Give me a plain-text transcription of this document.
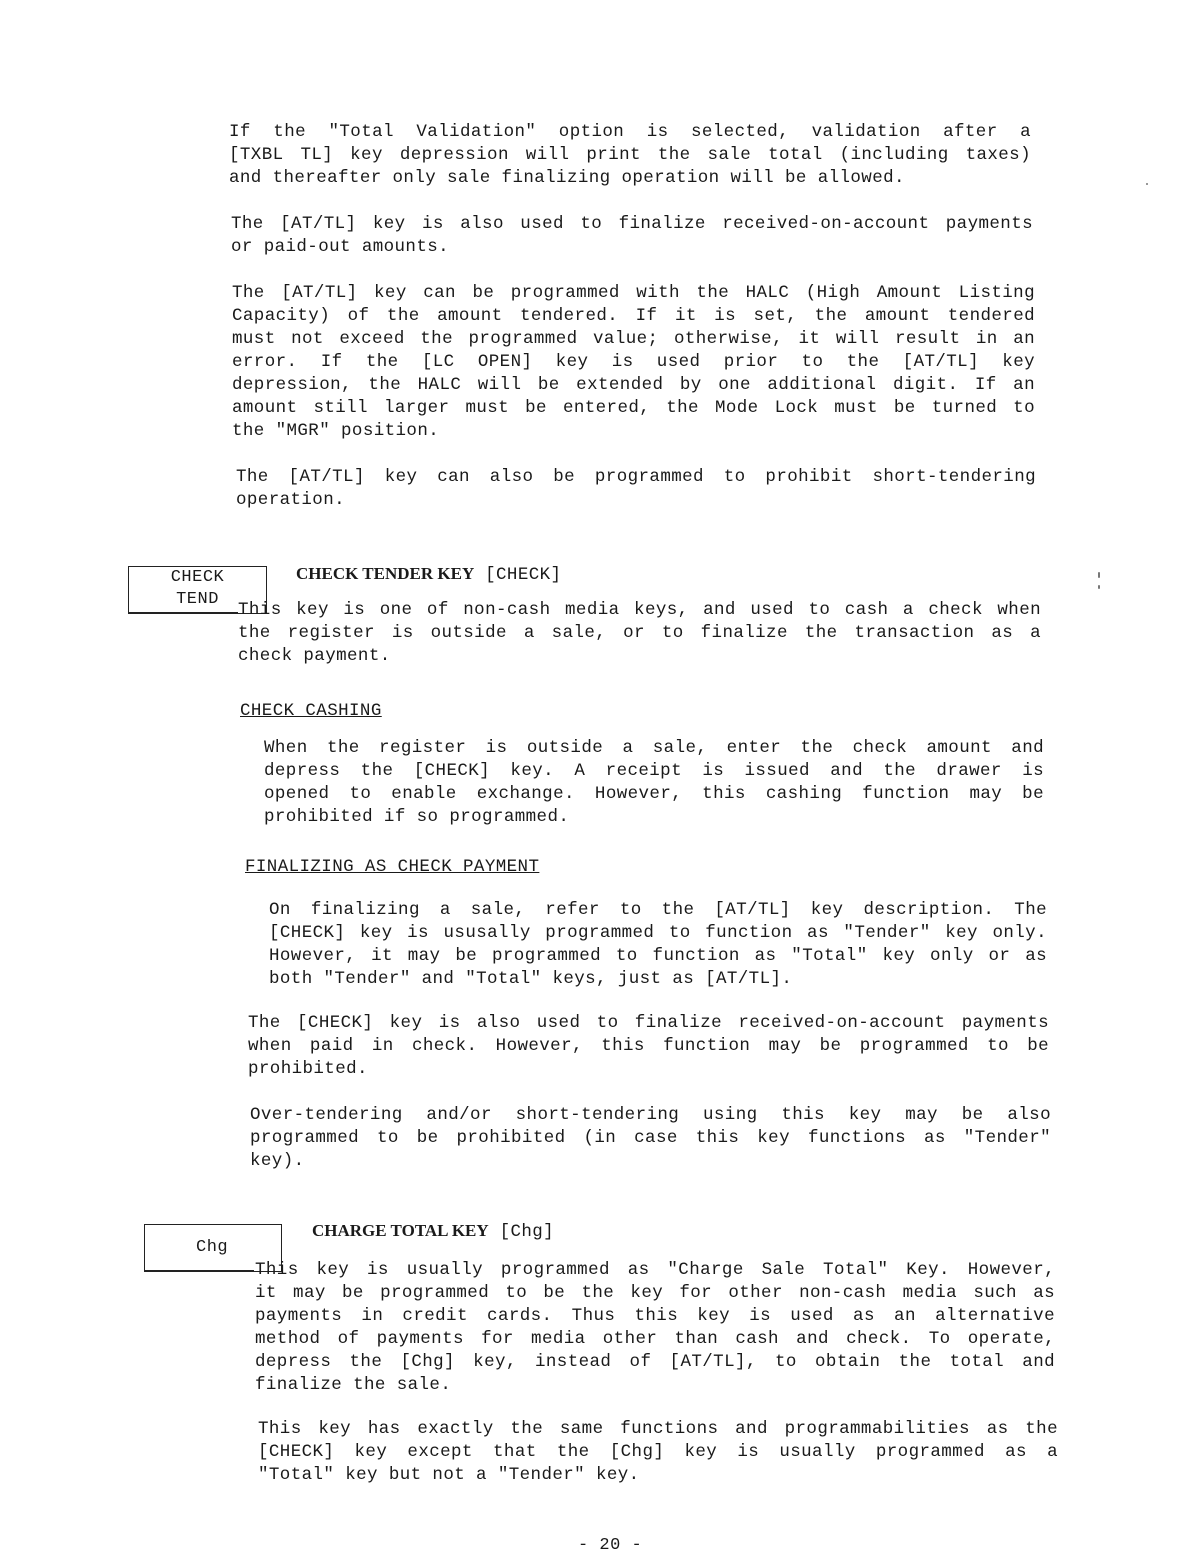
If the "Total Validation" option is selected, validation after a
[TXBL TL] key depression will print the sale total (including taxes)
and thereafter only sale finalizing operation will be allowed.
The [AT/TL] key is also used to finalize received-on-account payments
or paid-out amounts.
The [AT/TL] key can be programmed with the HALC (High Amount Listing
Capacity) of the amount tendered. If it is set, the amount tendered
must not exceed the programmed value; otherwise, it will result in an
error. If the [LC OPEN] key is used prior to the [AT/TL] key
depression, the HALC will be extended by one additional digit. If an
amount still larger must be entered, the Mode Lock must be turned to
the "MGR" position.
The [AT/TL] key can also be programmed to prohibit short-tendering
operation.
CHECK
TEND
CHECK TENDER KEY [CHECK]
This key is one of non-cash media keys, and used to cash a check when
the register is outside a sale, or to finalize the transaction as a
check payment.
CHECK CASHING
When the register is outside a sale, enter the check amount and
depress the [CHECK] key. A receipt is issued and the drawer is
opened to enable exchange. However, this cashing function may be
prohibited if so programmed.
FINALIZING AS CHECK PAYMENT
On finalizing a sale, refer to the [AT/TL] key description. The
[CHECK] key is ususally programmed to function as "Tender" key only.
However, it may be programmed to function as "Total" key only or as
both "Tender" and "Total" keys, just as [AT/TL].
The [CHECK] key is also used to finalize received-on-account payments
when paid in check. However, this function may be programmed to be
prohibited.
Over-tendering and/or short-tendering using this key may be also
programmed to be prohibited (in case this key functions as "Tender"
key).
Chg
CHARGE TOTAL KEY [Chg]
This key is usually programmed as "Charge Sale Total" Key. However,
it may be programmed to be the key for other non-cash media such as
payments in credit cards. Thus this key is used as an alternative
method of payments for media other than cash and check. To operate,
depress the [Chg] key, instead of [AT/TL], to obtain the total and
finalize the sale.
This key has exactly the same functions and programmabilities as the
[CHECK] key except that the [Chg] key is usually programmed as a
"Total" key but not a "Tender" key.
- 20 -
